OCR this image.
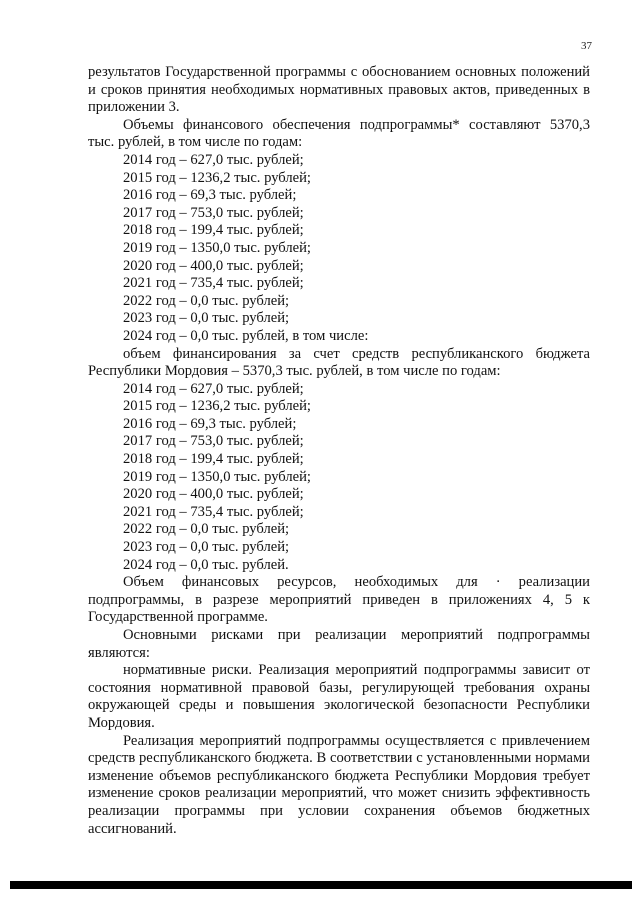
37

результатов Государственной программы с обоснованием основных положений и сроков принятия необходимых нормативных правовых актов, приведенных в приложении 3.

Объемы финансового обеспечения подпрограммы* составляют 5370,3 тыс. рублей, в том числе по годам:

2014 год – 627,0 тыс. рублей;

2015 год – 1236,2 тыс. рублей;

2016 год – 69,3 тыс. рублей;

2017 год – 753,0 тыс. рублей;

2018 год – 199,4 тыс. рублей;

2019 год – 1350,0 тыс. рублей;

2020 год – 400,0 тыс. рублей;

2021 год – 735,4 тыс. рублей;

2022 год – 0,0 тыс. рублей;

2023 год – 0,0 тыс. рублей;

2024 год – 0,0 тыс. рублей, в том числе:

объем финансирования за счет средств республиканского бюджета Республики Мордовия – 5370,3 тыс. рублей, в том числе по годам:

2014 год – 627,0 тыс. рублей;

2015 год – 1236,2 тыс. рублей;

2016 год – 69,3 тыс. рублей;

2017 год – 753,0 тыс. рублей;

2018 год – 199,4 тыс. рублей;

2019 год – 1350,0 тыс. рублей;

2020 год – 400,0 тыс. рублей;

2021 год – 735,4 тыс. рублей;

2022 год – 0,0 тыс. рублей;

2023 год – 0,0 тыс. рублей;

2024 год – 0,0 тыс. рублей.

Объем финансовых ресурсов, необходимых для · реализации подпрограммы, в разрезе мероприятий приведен в приложениях 4, 5 к Государственной программе.

Основными рисками при реализации мероприятий подпрограммы являются:

нормативные риски. Реализация мероприятий подпрограммы зависит от состояния нормативной правовой базы, регулирующей требования охраны окружающей среды и повышения экологической безопасности Республики Мордовия.

Реализация мероприятий подпрограммы осуществляется с привлечением средств республиканского бюджета. В соответствии с установленными нормами изменение объемов республиканского бюджета Республики Мордовия требует изменение сроков реализации мероприятий, что может снизить эффективность реализации программы при условии сохранения объемов бюджетных ассигнований.
